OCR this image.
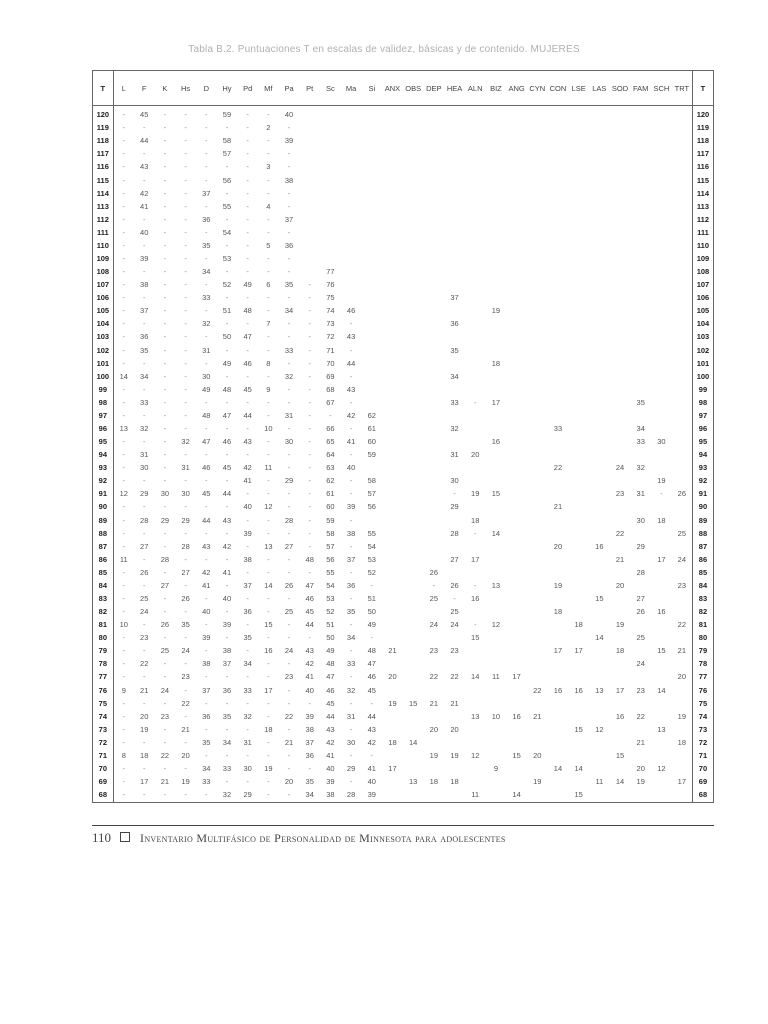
Tabla B.2. Puntuaciones T en escalas de validez, básicas y de contenido. MUJERES
T	L	F	K	Hs	D	Hy	Pd	Mf	Pa	Pt	Sc	Ma	Si	ANX	OBS	DEP	HEA	ALN	BIZ	ANG	CYN	CON	LSE	LAS	SOD	FAM	SCH	TRT	T
120	-	45	-	-	-	59	-	-	40																				120
119	-	-	-	-	-	-	-	2	-																				119
118	-	44	-	-	-	58	-	-	39																				118
117	-	-	-	-	-	57	-	-	-																				117
116	-	43	-	-	-	-	-	3	-																				116
115	-	-	-	-	-	56	-	-	38																				115
114	-	42	-	-	37	-	-	-	-																				114
113	-	41	-	-	-	55	-	4	-																				113
112	-	-	-	-	36	-	-	-	37																				112
111	-	40	-	-	-	54	-	-	-																				111
110	-	-	-	-	35	-	-	5	36																				110
109	-	39	-	-	-	53	-	-	-																				109
108	-	-	-	-	34	-	-	-	-		77																		108
107	-	38	-	-	-	52	49	6	35	-	76																		107
106	-	-	-	-	33	-	-	-	-	-	75						37												106
105	-	37	-	-	-	51	48	-	34	-	74	46							19										105
104	-	-	-	-	32	-	-	7	-	-	73	-					36												104
103	-	36	-	-	-	50	47	-	-	-	72	43																	103
102	-	35	-	-	31	-	-	-	33	-	71	-					35												102
101	-	-	-	-	-	49	46	8	-	-	70	44							18										101
100	14	34	-	-	30	-	-	-	32	-	69	-					34												100
99	-	-	-	-	49	48	45	9	-	-	68	43																	99
98	-	33	-	-	-	-	-	-	-	-	67	-					33	-	17							35			98
97	-	-	-	-	48	47	44	-	31	-	-	42	62																97
96	13	32	-	-	-	-	-	10	-	-	66	-	61				32					33				34			96
95	-	-	-	32	47	46	43	-	30	-	65	41	60						16							33	30		95
94	-	31	-	-	-	-	-	-	-	-	64	-	59				31	20											94
93	-	30	-	31	46	45	42	11	-	-	63	40										22			24	32			93
92	-	-	-	-	-	-	41	-	29	-	62	-	58				30										19		92
91	12	29	30	30	45	44	-	-	-	-	61	-	57				-	19	15						23	31	-	26	91
90	-	-	-	-	-	-	40	12	-	-	60	39	56				29					21							90
89	-	28	29	29	44	43	-	-	28	-	59	-						18								30	18		89
88	-	-	-	-	-	-	39	-	-	-	58	38	55				28	-	14						22			25	88
87	-	27	-	28	43	42	-	13	27	-	57	-	54									20		16		29			87
86	11	-	28	-	-	-	38	-	-	48	56	37	53				27	17							21		17	24	86
85	-	26	-	27	42	41	-	-	-	-	55	-	52			26										28			85
84	-	-	27	-	41	-	37	14	26	47	54	36	-			-	26	-	13			19			20			23	84
83	-	25	-	26	-	40	-	-	-	46	53	-	51			25	-	16						15		27			83
82	-	24	-	-	40	-	36	-	25	45	52	35	50				25					18				26	16		82
81	10	-	26	35	-	39	-	15	-	44	51	-	49			24	24	-	12				18		19			22	81
80	-	23	-	-	39	-	35	-	-	-	50	34	-					15						14		25			80
79	-	-	25	24	-	38	-	16	24	43	49	-	48	21		23	23					17	17		18		15	21	79
78	-	22	-	-	38	37	34	-	-	42	48	33	47													24			78
77	-	-	-	23	-	-	-	-	23	41	47	-	46	20		22	22	14	11	17								20	77
76	9	21	24	-	37	36	33	17	-	40	46	32	45								22	16	16	13	17	23	14		76
75	-	-	-	22	-	-	-	-	-	-	45	-	-	19	15	21	21												75
74	-	20	23	-	36	35	32	-	22	39	44	31	44					13	10	16	21				16	22		19	74
73	-	19	-	21	-	-	-	18	-	38	43	-	43			20	20						15	12			13		73
72	-	-	-	-	35	34	31	-	21	37	42	30	42	18	14											21		18	72
71	8	18	22	20	-	-	-	-	-	36	41	-	-			19	19	12		15	20				15				71
70	-	-	-	-	34	33	30	19	-	-	40	29	41	17					9			14	14			20	12		70
69	-	17	21	19	33	-	-	-	20	35	39	-	40		13	18	18				19			11	14	19		17	69
68	-	-	-	-	-	32	29	-	-	34	38	28	39					11		14			15						68
110 Inventario Multifásico de Personalidad de Minnesota para adolescentes
